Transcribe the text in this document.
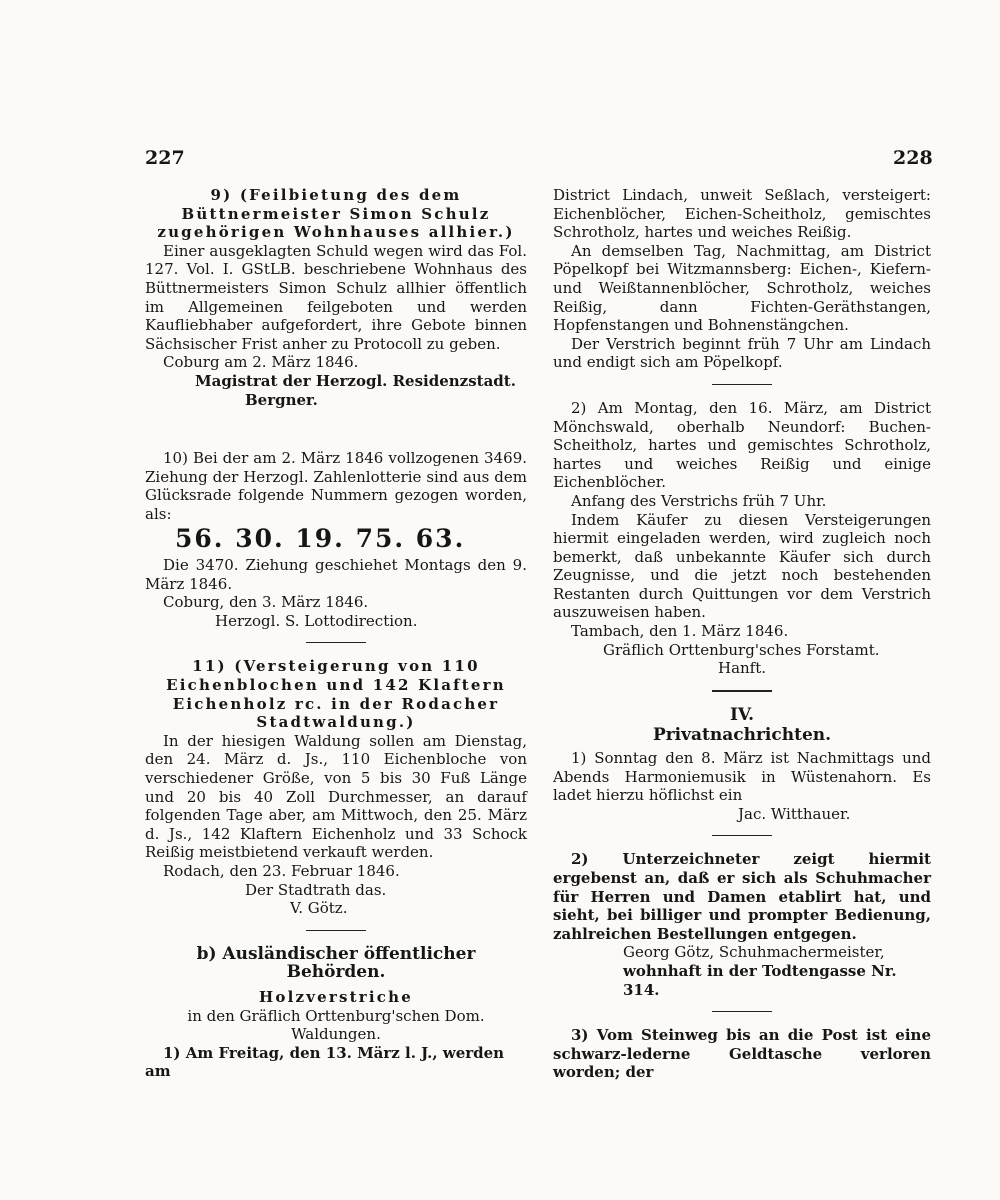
227	228

9) (Feilbietung des dem Büttnermeister Simon Schulz zugehörigen Wohnhauses allhier.)

Einer ausgeklagten Schuld wegen wird das Fol. 127. Vol. I. GStLB. beschriebene Wohnhaus des Büttnermeisters Simon Schulz allhier öffentlich im Allgemeinen feilgeboten und werden Kaufliebhaber aufgefordert, ihre Gebote binnen Sächsischer Frist anher zu Protocoll zu geben.

Coburg am 2. März 1846.

Magistrat der Herzogl. Residenzstadt.

Bergner.

10) Bei der am 2. März 1846 vollzogenen 3469. Ziehung der Herzogl. Zahlenlotterie sind aus dem Glücksrade folgende Nummern gezogen worden, als:

56. 30. 19. 75. 63.

Die 3470. Ziehung geschiehet Montags den 9. März 1846.

Coburg, den 3. März 1846.

Herzogl. S. Lottodirection.

11) (Versteigerung von 110 Eichenblochen und 142 Klaftern Eichenholz rc. in der Rodacher Stadtwaldung.)

In der hiesigen Waldung sollen am Dienstag, den 24. März d. Js., 110 Eichenbloche von verschiedener Größe, von 5 bis 30 Fuß Länge und 20 bis 40 Zoll Durchmesser, an darauf folgenden Tage aber, am Mittwoch, den 25. März d. Js., 142 Klaftern Eichenholz und 33 Schock Reißig meistbietend verkauft werden.

Rodach, den 23. Februar 1846.

Der Stadtrath das.

V. Götz.

b) Ausländischer öffentlicher Behörden.

Holzverstriche

in den Gräflich Orttenburg'schen Dom. Waldungen.

1) Am Freitag, den 13. März l. J., werden am

District Lindach, unweit Seßlach, versteigert: Eichenblöcher, Eichen-Scheitholz, gemischtes Schrotholz, hartes und weiches Reißig.

An demselben Tag, Nachmittag, am District Pöpelkopf bei Witzmannsberg: Eichen-, Kiefern- und Weißtannenblöcher, Schrotholz, weiches Reißig, dann Fichten-Geräthstangen, Hopfenstangen und Bohnenstängchen.

Der Verstrich beginnt früh 7 Uhr am Lindach und endigt sich am Pöpelkopf.

2) Am Montag, den 16. März, am District Mönchswald, oberhalb Neundorf: Buchen-Scheitholz, hartes und gemischtes Schrotholz, hartes und weiches Reißig und einige Eichenblöcher.

Anfang des Verstrichs früh 7 Uhr.

Indem Käufer zu diesen Versteigerungen hiermit eingeladen werden, wird zugleich noch bemerkt, daß unbekannte Käufer sich durch Zeugnisse, und die jetzt noch bestehenden Restanten durch Quittungen vor dem Verstrich auszuweisen haben.

Tambach, den 1. März 1846.

Gräflich Orttenburg'sches Forstamt.

Hanft.

IV.

Privatnachrichten.

1) Sonntag den 8. März ist Nachmittags und Abends Harmoniemusik in Wüstenahorn. Es ladet hierzu höflichst ein

Jac. Witthauer.

2) Unterzeichneter zeigt hiermit ergebenst an, daß er sich als Schuhmacher für Herren und Damen etablirt hat, und sieht, bei billiger und prompter Bedienung, zahlreichen Bestellungen entgegen.

Georg Götz, Schuhmachermeister,

wohnhaft in der Todtengasse Nr. 314.

3) Vom Steinweg bis an die Post ist eine schwarz-lederne Geldtasche verloren worden; der
